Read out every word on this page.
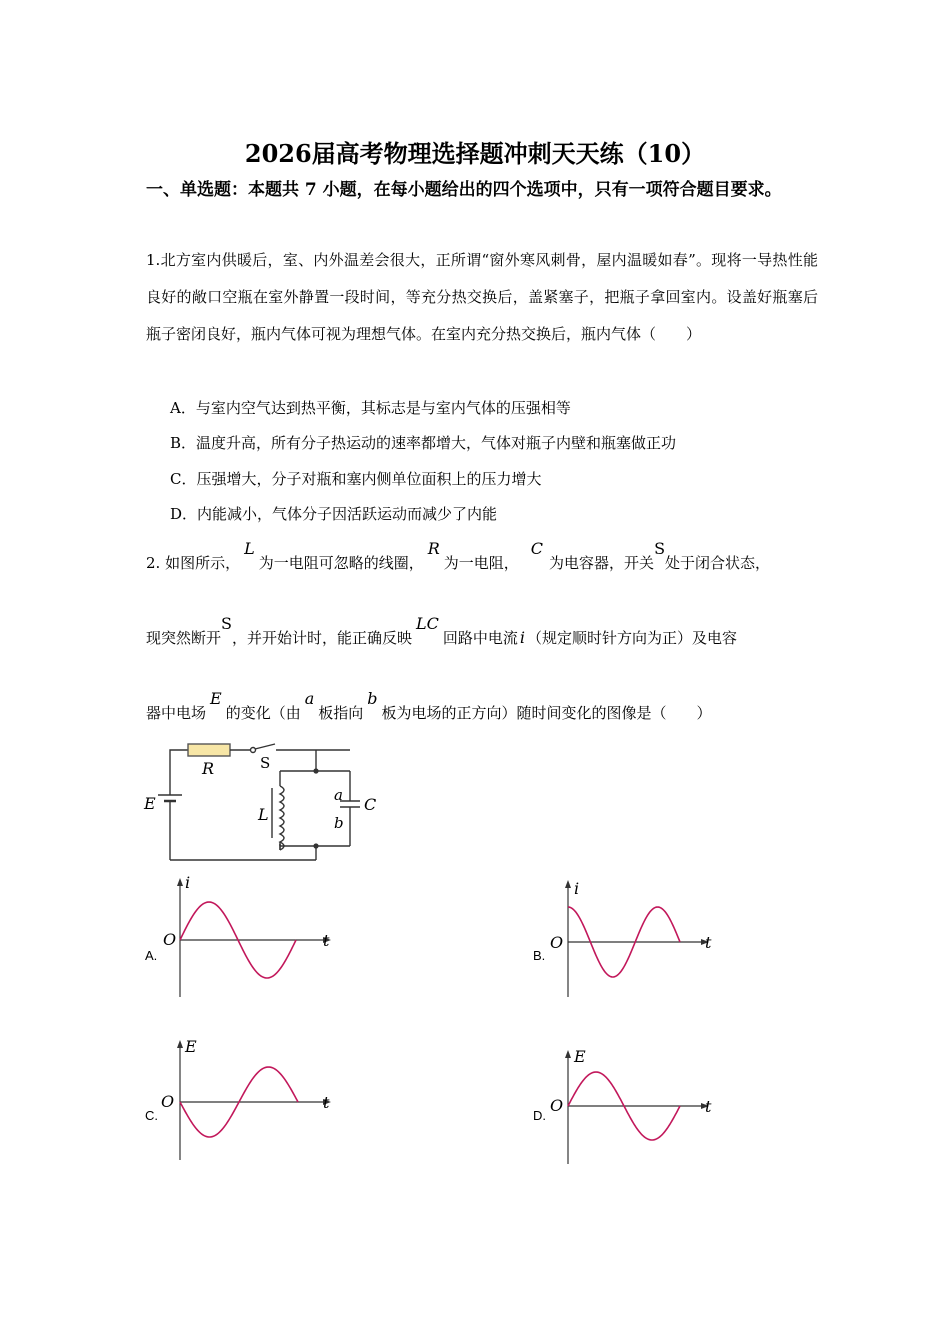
2026届高考物理选择题冲刺天天练（10）
一、单选题：本题共 7 小题，在每小题给出的四个选项中，只有一项符合题目要求。
1.北方室内供暖后，室、内外温差会很大，正所谓“窗外寒风刺骨，屋内温暖如春”。现将一导热性能良好的敞口空瓶在室外静置一段时间，等充分热交换后，盖紧塞子，把瓶子拿回室内。设盖好瓶塞后瓶子密闭良好，瓶内气体可视为理想气体。在室内充分热交换后，瓶内气体（　　）
A．与室内空气达到热平衡，其标志是与室内气体的压强相等
B．温度升高，所有分子热运动的速率都增大，气体对瓶子内壁和瓶塞做正功
C．压强增大，分子对瓶和塞内侧单位面积上的压力增大
D．内能减小，气体分子因活跃运动而减少了内能
2. 如图所示，L为一电阻可忽略的线圈，R为一电阻，C为电容器，开关S处于闭合状态，
现突然断开S，并开始计时，能正确反映LC回路中电流 i （规定顺时针方向为正）及电容
器中电场E的变化（由a板指向b板为电场的正方向）随时间变化的图像是（　　）
R	S
E
L
a
b
C
A.
i
O	t
B.
i
O	t
C.
E
O	t
D.
E
O	t
